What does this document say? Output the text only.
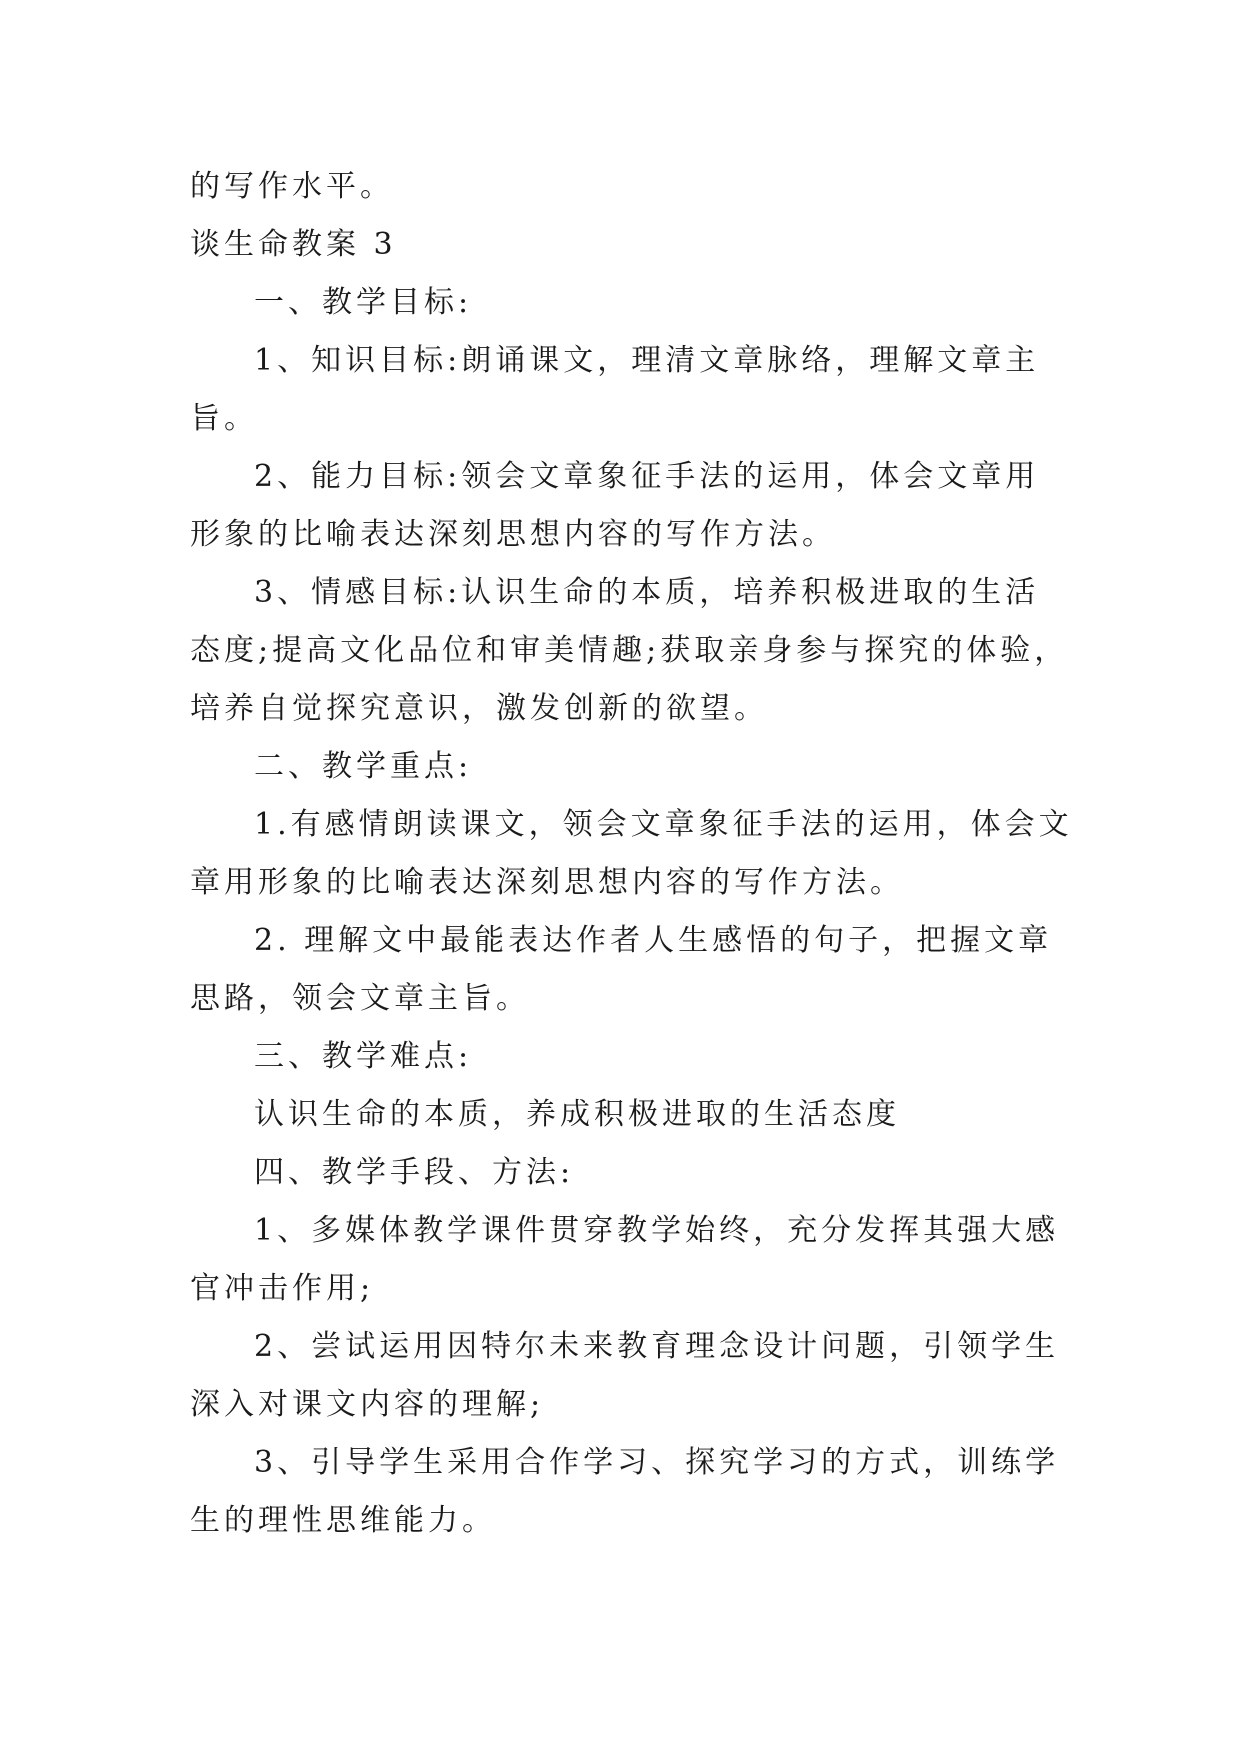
的写作水平。
谈生命教案 3
一、教学目标:
1、知识目标:朗诵课文，理清文章脉络，理解文章主
旨。
2、能力目标:领会文章象征手法的运用，体会文章用
形象的比喻表达深刻思想内容的写作方法。
3、情感目标:认识生命的本质，培养积极进取的生活
态度;提高文化品位和审美情趣;获取亲身参与探究的体验，
培养自觉探究意识，激发创新的欲望。
二、教学重点:
1.有感情朗读课文，领会文章象征手法的运用，体会文
章用形象的比喻表达深刻思想内容的写作方法。
2. 理解文中最能表达作者人生感悟的句子，把握文章
思路，领会文章主旨。
三、教学难点:
认识生命的本质，养成积极进取的生活态度
四、教学手段、方法:
1、多媒体教学课件贯穿教学始终，充分发挥其强大感
官冲击作用;
2、尝试运用因特尔未来教育理念设计问题，引领学生
深入对课文内容的理解;
3、引导学生采用合作学习、探究学习的方式，训练学
生的理性思维能力。
